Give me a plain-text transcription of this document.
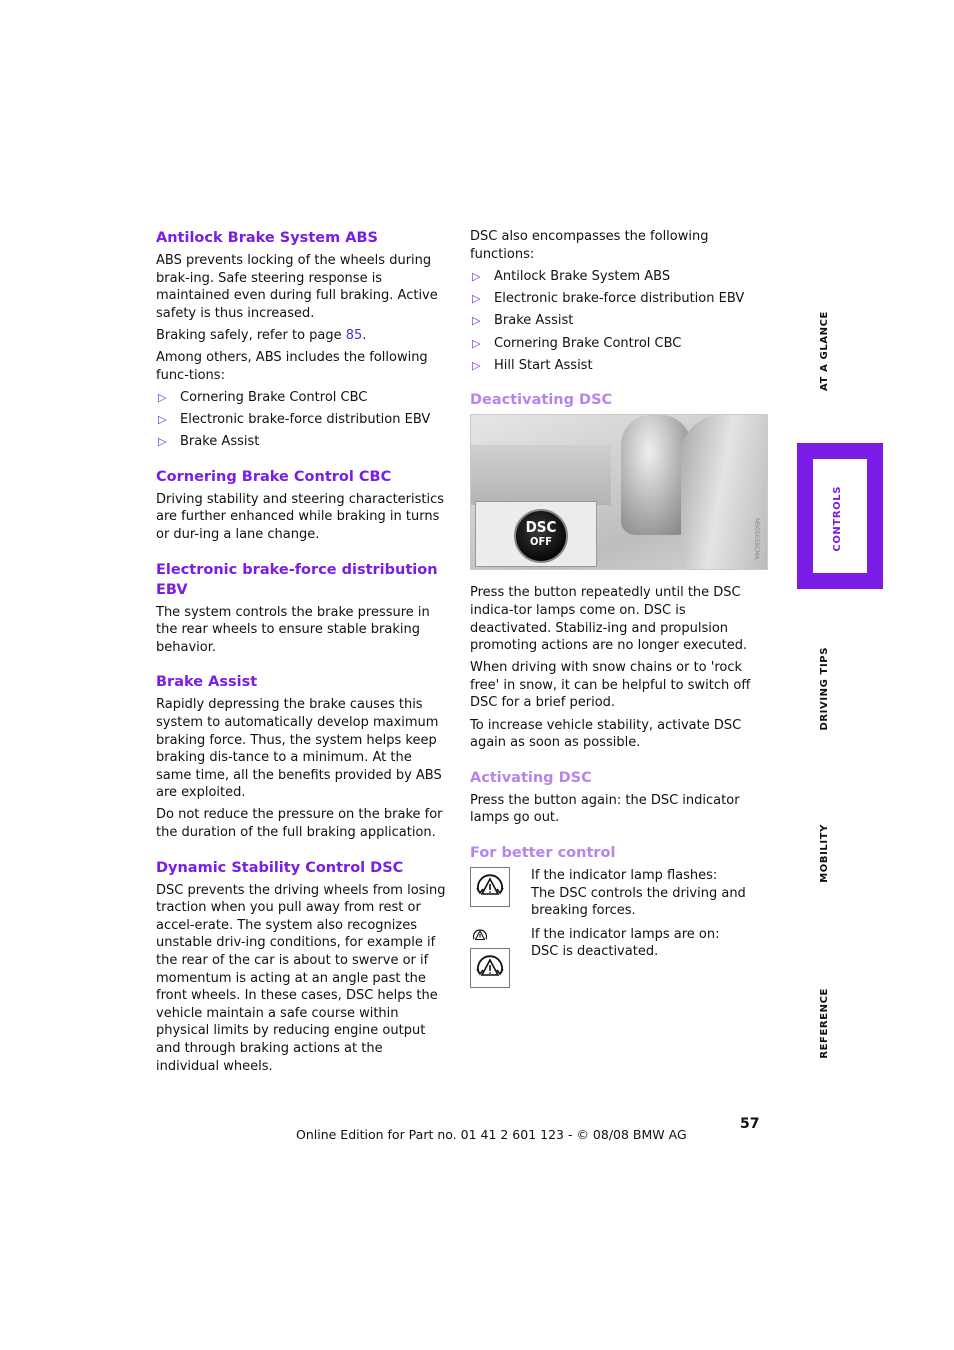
Antilock Brake System ABS

ABS prevents locking of the wheels during brak-ing. Safe steering response is maintained even during full braking. Active safety is thus increased.

Braking safely, refer to page 85.

Among others, ABS includes the following func-tions:

▷ Cornering Brake Control CBC
▷ Electronic brake-force distribution EBV
▷ Brake Assist
Cornering Brake Control CBC

Driving stability and steering characteristics are further enhanced while braking in turns or dur-ing a lane change.

Electronic brake-force distribution EBV

The system controls the brake pressure in the rear wheels to ensure stable braking behavior.

Brake Assist

Rapidly depressing the brake causes this system to automatically develop maximum braking force. Thus, the system helps keep braking dis-tance to a minimum. At the same time, all the benefits provided by ABS are exploited.

Do not reduce the pressure on the brake for the duration of the full braking application.

Dynamic Stability Control DSC

DSC prevents the driving wheels from losing traction when you pull away from rest or accel-erate. The system also recognizes unstable driv-ing conditions, for example if the rear of the car is about to swerve or if momentum is acting at an angle past the front wheels. In these cases, DSC helps the vehicle maintain a safe course within physical limits by reducing engine output and through braking actions at the individual wheels.

DSC also encompasses the following functions:

▷ Antilock Brake System ABS
▷ Electronic brake-force distribution EBV
▷ Brake Assist
▷ Cornering Brake Control CBC
▷ Hill Start Assist
Deactivating DSC
DSC
OFF	MS05059CMA

Press the button repeatedly until the DSC indica-tor lamps come on. DSC is deactivated. Stabiliz-ing and propulsion promoting actions are no longer executed.

When driving with snow chains or to 'rock free' in snow, it can be helpful to switch off DSC for a brief period.

To increase vehicle stability, activate DSC again as soon as possible.

Activating DSC

Press the button again: the DSC indicator lamps go out.

For better control
If the indicator lamp flashes:
The DSC controls the driving and breaking forces.
If the indicator lamps are on:
DSC is deactivated.
AT A GLANCE
CONTROLS
DRIVING TIPS
MOBILITY
REFERENCE
57
Online Edition for Part no. 01 41 2 601 123 - © 08/08 BMW AG
